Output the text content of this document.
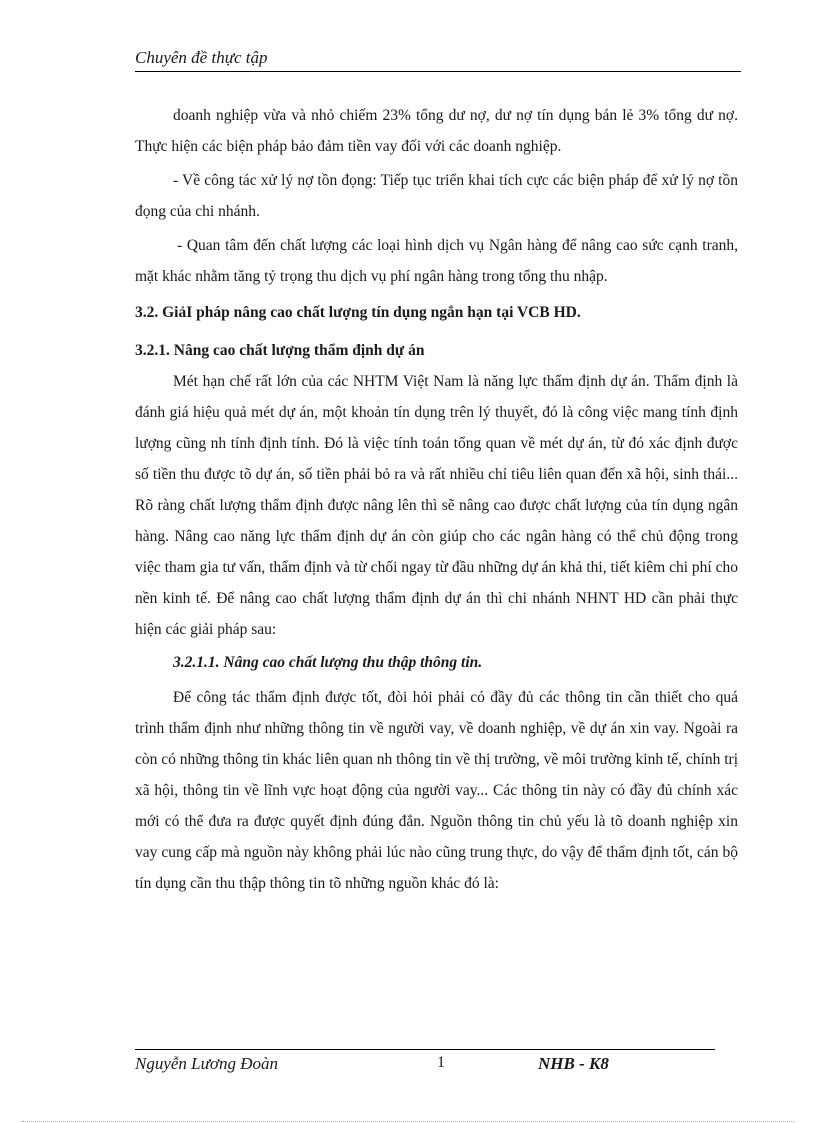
Chuyên đề thực tập

doanh nghiệp vừa và nhỏ chiếm 23% tổng dư nợ, dư nợ tín dụng bán lẻ 3% tổng dư nợ. Thực hiện các biện pháp bảo đảm tiền vay đối với các doanh nghiệp.

- Về công tác xử lý nợ tồn đọng: Tiếp tục triển khai tích cực các biện pháp để xử lý nợ tồn đọng của chi nhánh.

- Quan tâm đến chất lượng các loại hình dịch vụ Ngân hàng để nâng cao sức cạnh tranh, mặt khác nhằm tăng tỷ trọng thu dịch vụ phí ngân hàng trong tổng thu nhập.

3.2. GiảI pháp nâng cao chất lượng tín dụng ngắn hạn tại VCB HD.
3.2.1. Nâng cao chất lượng thẩm định dự án

Mét hạn chế rất lớn của các NHTM Việt Nam là năng lực thẩm định dự án. Thẩm định là đánh giá hiệu quả mét dự án, một khoản tín dụng trên lý thuyết, đó là công việc mang tính định lượng cũng nh tính định tính. Đó là việc tính toán tổng quan về mét dự án, từ đó xác định được số tiền thu được tõ dự án, số tiền phải bỏ ra và rất nhiều chỉ tiêu liên quan đến xã hội, sinh thái... Rõ ràng chất lượng thẩm định được nâng lên thì sẽ nâng cao được chất lượng của tín dụng ngân hàng. Nâng cao năng lực thẩm định dự án còn giúp cho các ngân hàng có thể chủ động trong việc tham gia tư vấn, thẩm định và từ chối ngay từ đầu những dự án khả thi, tiết kiêm chi phí cho nền kinh tế. Để nâng cao chất lượng thẩm định dự án thì chi nhánh NHNT HD cần phải thực hiện các giải pháp sau:

3.2.1.1. Nâng cao chất lượng thu thập thông tin.

Để công tác thẩm định được tốt, đòi hỏi phải có đầy đủ các thông tin cần thiết cho quá trình thẩm định như những thông tin về người vay, về doanh nghiệp, về dự án xin vay. Ngoài ra còn có những thông tin khác liên quan nh thông tin về thị trường, về môi trường kinh tế, chính trị xã hội, thông tin về lĩnh vực hoạt động của người vay... Các thông tin này có đầy đủ chính xác mới có thể đưa ra được quyết định đúng đắn. Nguồn thông tin chủ yếu là tõ doanh nghiệp xin vay cung cấp mà nguồn này không phải lúc nào cũng trung thực, do vậy để thẩm định tốt, cán bộ tín dụng cần thu thập thông tin tõ những nguồn khác đó là:

Nguyễn Lương Đoàn	1	NHB - K8
